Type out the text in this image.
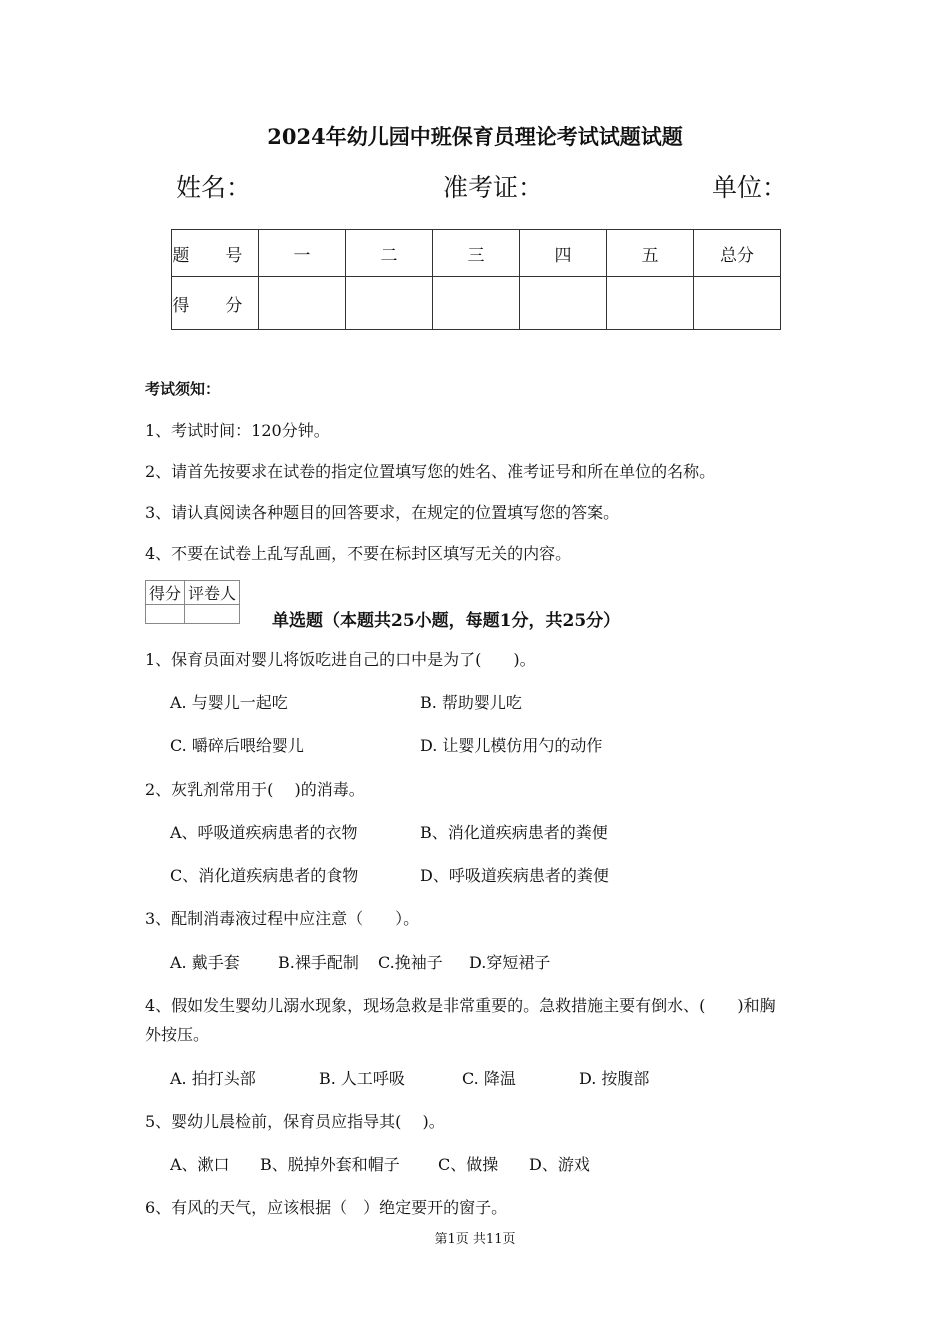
2024年幼儿园中班保育员理论考试试题试题
姓名：	准考证：	单位：
题 号	一	二	三	四	五	总分
得 分						
考试须知：
1、考试时间：120分钟。
2、请首先按要求在试卷的指定位置填写您的姓名、准考证号和所在单位的名称。
3、请认真阅读各种题目的回答要求，在规定的位置填写您的答案。
4、不要在试卷上乱写乱画，不要在标封区填写无关的内容。
得分	评卷人

单选题（本题共25小题，每题1分，共25分）
1、保育员面对婴儿将饭吃进自己的口中是为了(　　)。
A. 与婴儿一起吃	B. 帮助婴儿吃
C. 嚼碎后喂给婴儿	D. 让婴儿模仿用勺的动作
2、灰乳剂常用于(　 )的消毒。
A、呼吸道疾病患者的衣物	B、消化道疾病患者的粪便
C、消化道疾病患者的食物	D、呼吸道疾病患者的粪便
3、配制消毒液过程中应注意（　　）。
A. 戴手套 B.裸手配制 C.挽袖子 D.穿短裙子
4、假如发生婴幼儿溺水现象，现场急救是非常重要的。急救措施主要有倒水、(　　)和胸
外按压。
A. 拍打头部	B. 人工呼吸	C. 降温	D. 按腹部
5、婴幼儿晨检前，保育员应指导其(　 )。
A、漱口 B、脱掉外套和帽子 C、做操 D、游戏
6、有风的天气，应该根据（　）绝定要开的窗子。
第1页 共11页
